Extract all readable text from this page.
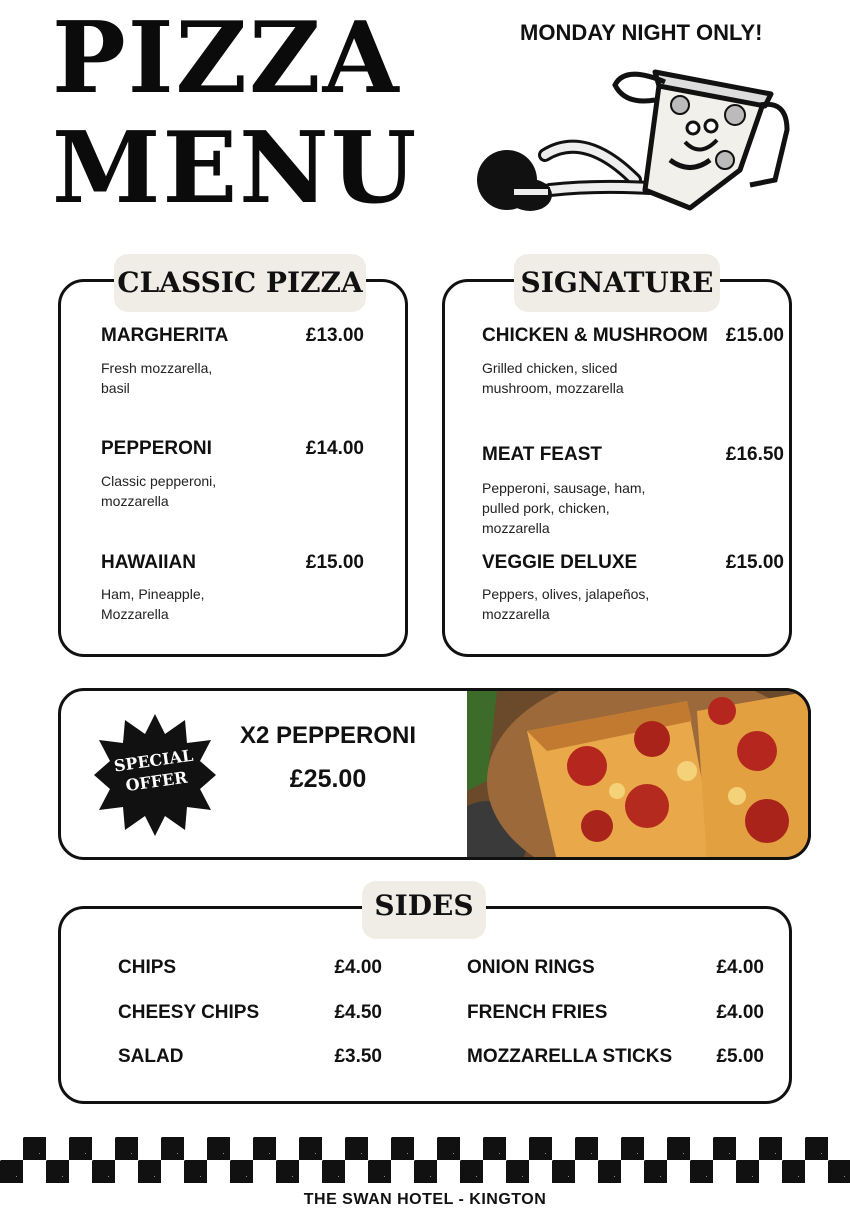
PIZZA
MENU
MONDAY NIGHT ONLY!
CLASSIC PIZZA
MARGHERITA	£13.00
Fresh mozzarella,
basil
PEPPERONI	£14.00
Classic pepperoni,
mozzarella
HAWAIIAN	£15.00
Ham, Pineapple,
Mozzarella
SIGNATURE
CHICKEN & MUSHROOM £15.00
Grilled chicken, sliced
mushroom, mozzarella
MEAT FEAST	£16.50
Pepperoni, sausage, ham,
pulled pork, chicken,
mozzarella
VEGGIE DELUXE	£15.00
Peppers, olives, jalapeños,
mozzarella
SPECIAL
OFFER
X2 PEPPERONI
£25.00
SIDES
CHIPS	£4.00
CHEESY CHIPS	£4.50
SALAD	£3.50
ONION RINGS	£4.00
FRENCH FRIES	£4.00
MOZZARELLA STICKS	£5.00
THE SWAN HOTEL - KINGTON
